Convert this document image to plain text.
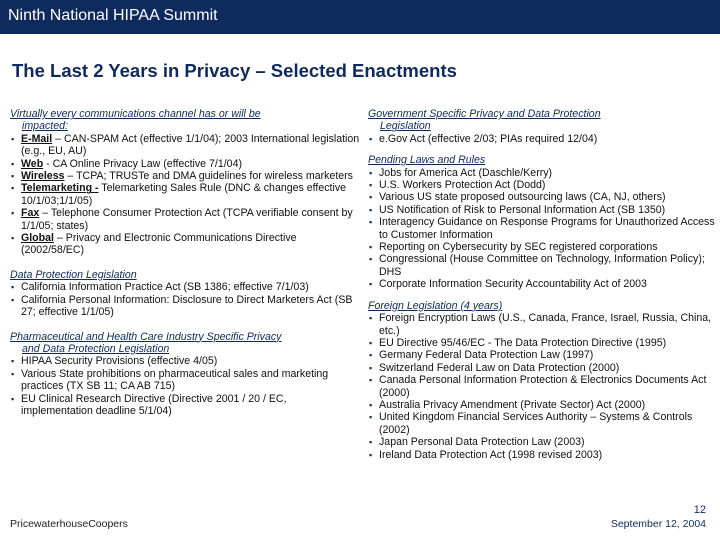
Ninth National HIPAA Summit
The Last 2 Years in Privacy – Selected Enactments

Virtually every communications channel has or will be
impacted:

▪ E-Mail – CAN-SPAM Act (effective 1/1/04); 2003 International legislation (e.g., EU, AU)
▪ Web - CA Online Privacy Law (effective 7/1/04)
▪ Wireless – TCPA; TRUSTe and DMA guidelines for wireless marketers
▪ Telemarketing - Telemarketing Sales Rule (DNC & changes effective 10/1/03;1/1/05)
▪ Fax – Telephone Consumer Protection Act (TCPA verifiable consent by 1/1/05; states)
▪ Global – Privacy and Electronic Communications Directive (2002/58/EC)

Data Protection Legislation

▪ California Information Practice Act (SB 1386; effective 7/1/03)
▪ California Personal Information: Disclosure to Direct Marketers Act (SB 27; effective 1/1/05)

Pharmaceutical and Health Care Industry Specific Privacy
and Data Protection Legislation

▪ HIPAA Security Provisions (effective 4/05)
▪ Various State prohibitions on pharmaceutical sales and marketing practices (TX SB 11; CA AB 715)
▪ EU Clinical Research Directive (Directive 2001 / 20 / EC, implementation deadline 5/1/04)

Government Specific Privacy and Data Protection
Legislation

▪ e.Gov Act (effective 2/03; PIAs required 12/04)

Pending Laws and Rules

▪ Jobs for America Act (Daschle/Kerry)
▪ U.S. Workers Protection Act (Dodd)
▪ Various US state proposed outsourcing laws (CA, NJ, others)
▪ US Notification of Risk to Personal Information Act (SB 1350)
▪ Interagency Guidance on Response Programs for Unauthorized Access to Customer Information
▪ Reporting on Cybersecurity by SEC registered corporations
▪ Congressional (House Committee on Technology, Information Policy); DHS
▪ Corporate Information Security Accountability Act of 2003

Foreign Legislation (4 years)

▪ Foreign Encryption Laws (U.S., Canada, France, Israel, Russia, China, etc.)
▪ EU Directive 95/46/EC - The Data Protection Directive (1995)
▪ Germany Federal Data Protection Law (1997)
▪ Switzerland Federal Law on Data Protection (2000)
▪ Canada Personal Information Protection & Electronics Documents Act (2000)
▪ Australia Privacy Amendment (Private Sector) Act (2000)
▪ United Kingdom Financial Services Authority – Systems & Controls (2002)
▪ Japan Personal Data Protection Law (2003)
▪ Ireland Data Protection Act (1998 revised 2003)
PricewaterhouseCoopers
12
September 12, 2004
